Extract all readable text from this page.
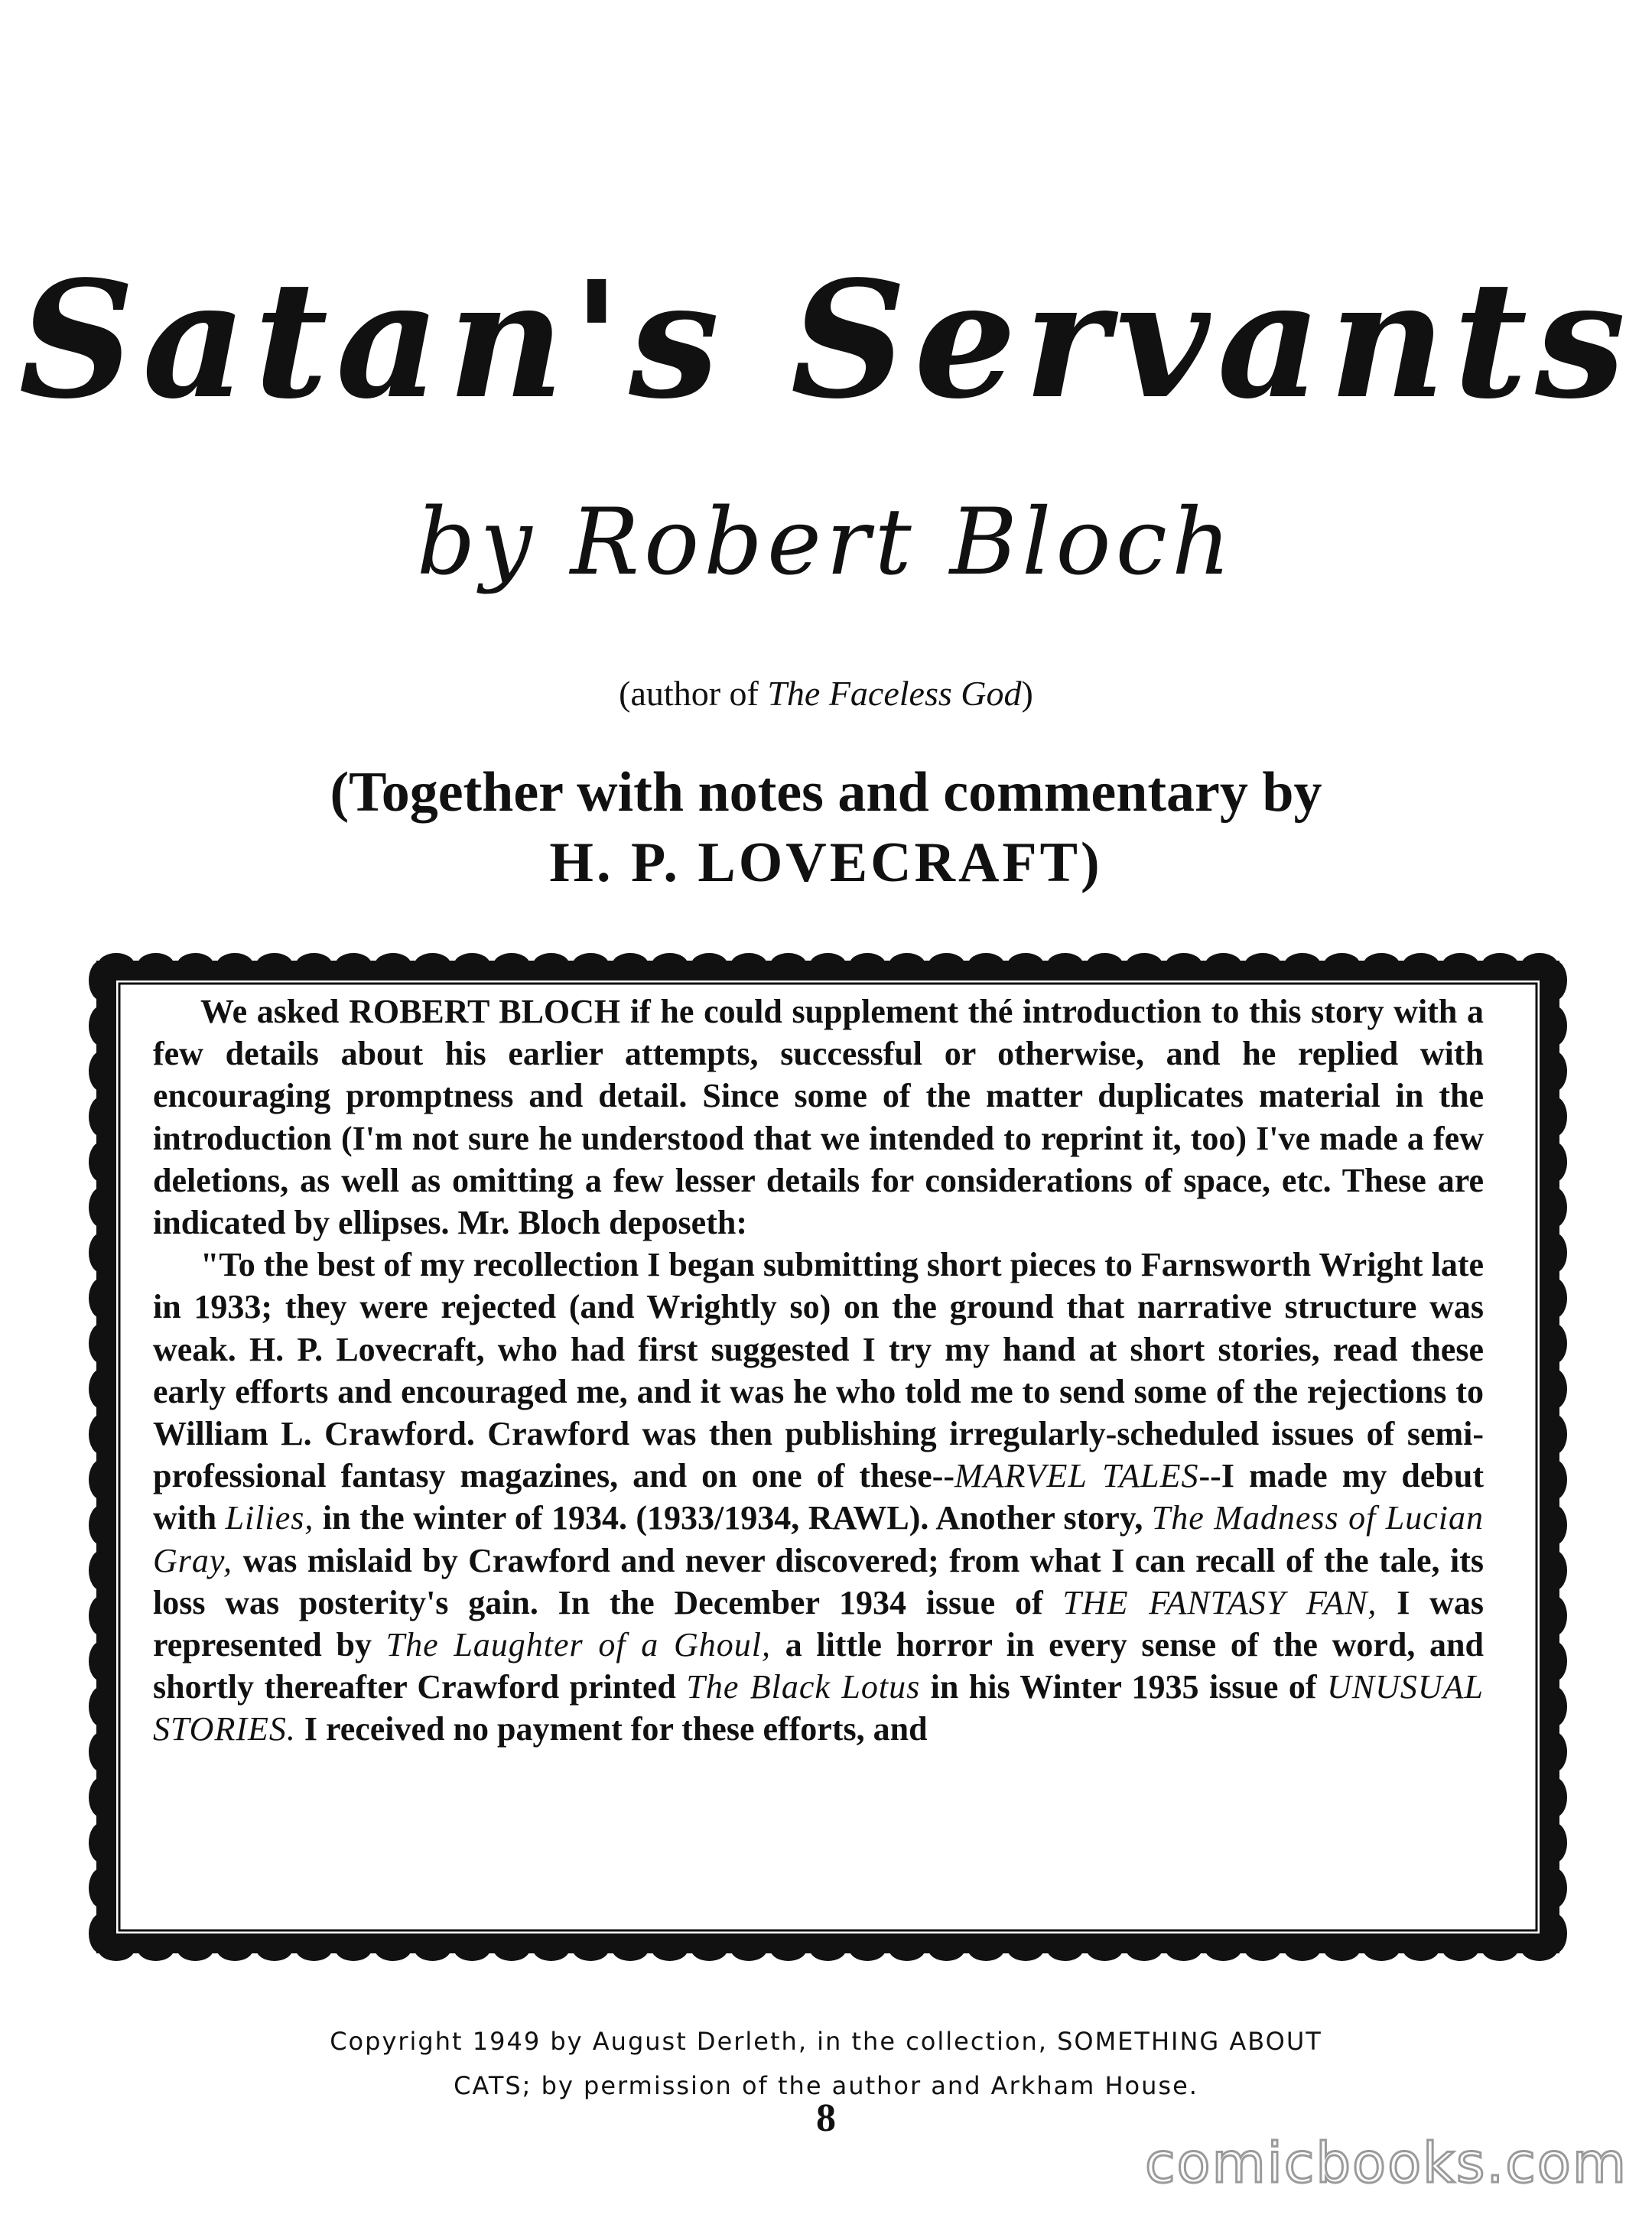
Satan's Servants
by Robert Bloch
(author of The Faceless God)
(Together with notes and commentary by
H. P. LOVECRAFT)

We asked ROBERT BLOCH if he could supplement thé introduction to this story with a few details about his earlier attempts, successful or otherwise, and he replied with encouraging promptness and detail. Since some of the matter duplicates material in the introduction (I'm not sure he understood that we intended to reprint it, too) I've made a few deletions, as well as omitting a few lesser details for considerations of space, etc. These are indicated by ellipses. Mr. Bloch deposeth:

"To the best of my recollection I began submitting short pieces to Farnsworth Wright late in 1933; they were rejected (and Wrightly so) on the ground that narrative structure was weak. H. P. Lovecraft, who had first suggested I try my hand at short stories, read these early efforts and encouraged me, and it was he who told me to send some of the rejections to William L. Crawford. Crawford was then publishing irregularly-scheduled issues of semi-professional fantasy magazines, and on one of these--MARVEL TALES--I made my debut with Lilies, in the winter of 1934. (1933/1934, RAWL). Another story, The Madness of Lucian Gray, was mislaid by Crawford and never discovered; from what I can recall of the tale, its loss was posterity's gain. In the December 1934 issue of THE FANTASY FAN, I was represented by The Laughter of a Ghoul, a little horror in every sense of the word, and shortly thereafter Crawford printed The Black Lotus in his Winter 1935 issue of UNUSUAL STORIES. I received no payment for these efforts, and

Copyright 1949 by August Derleth, in the collection, SOMETHING ABOUT
CATS; by permission of the author and Arkham House.
8
comicbooks.com
